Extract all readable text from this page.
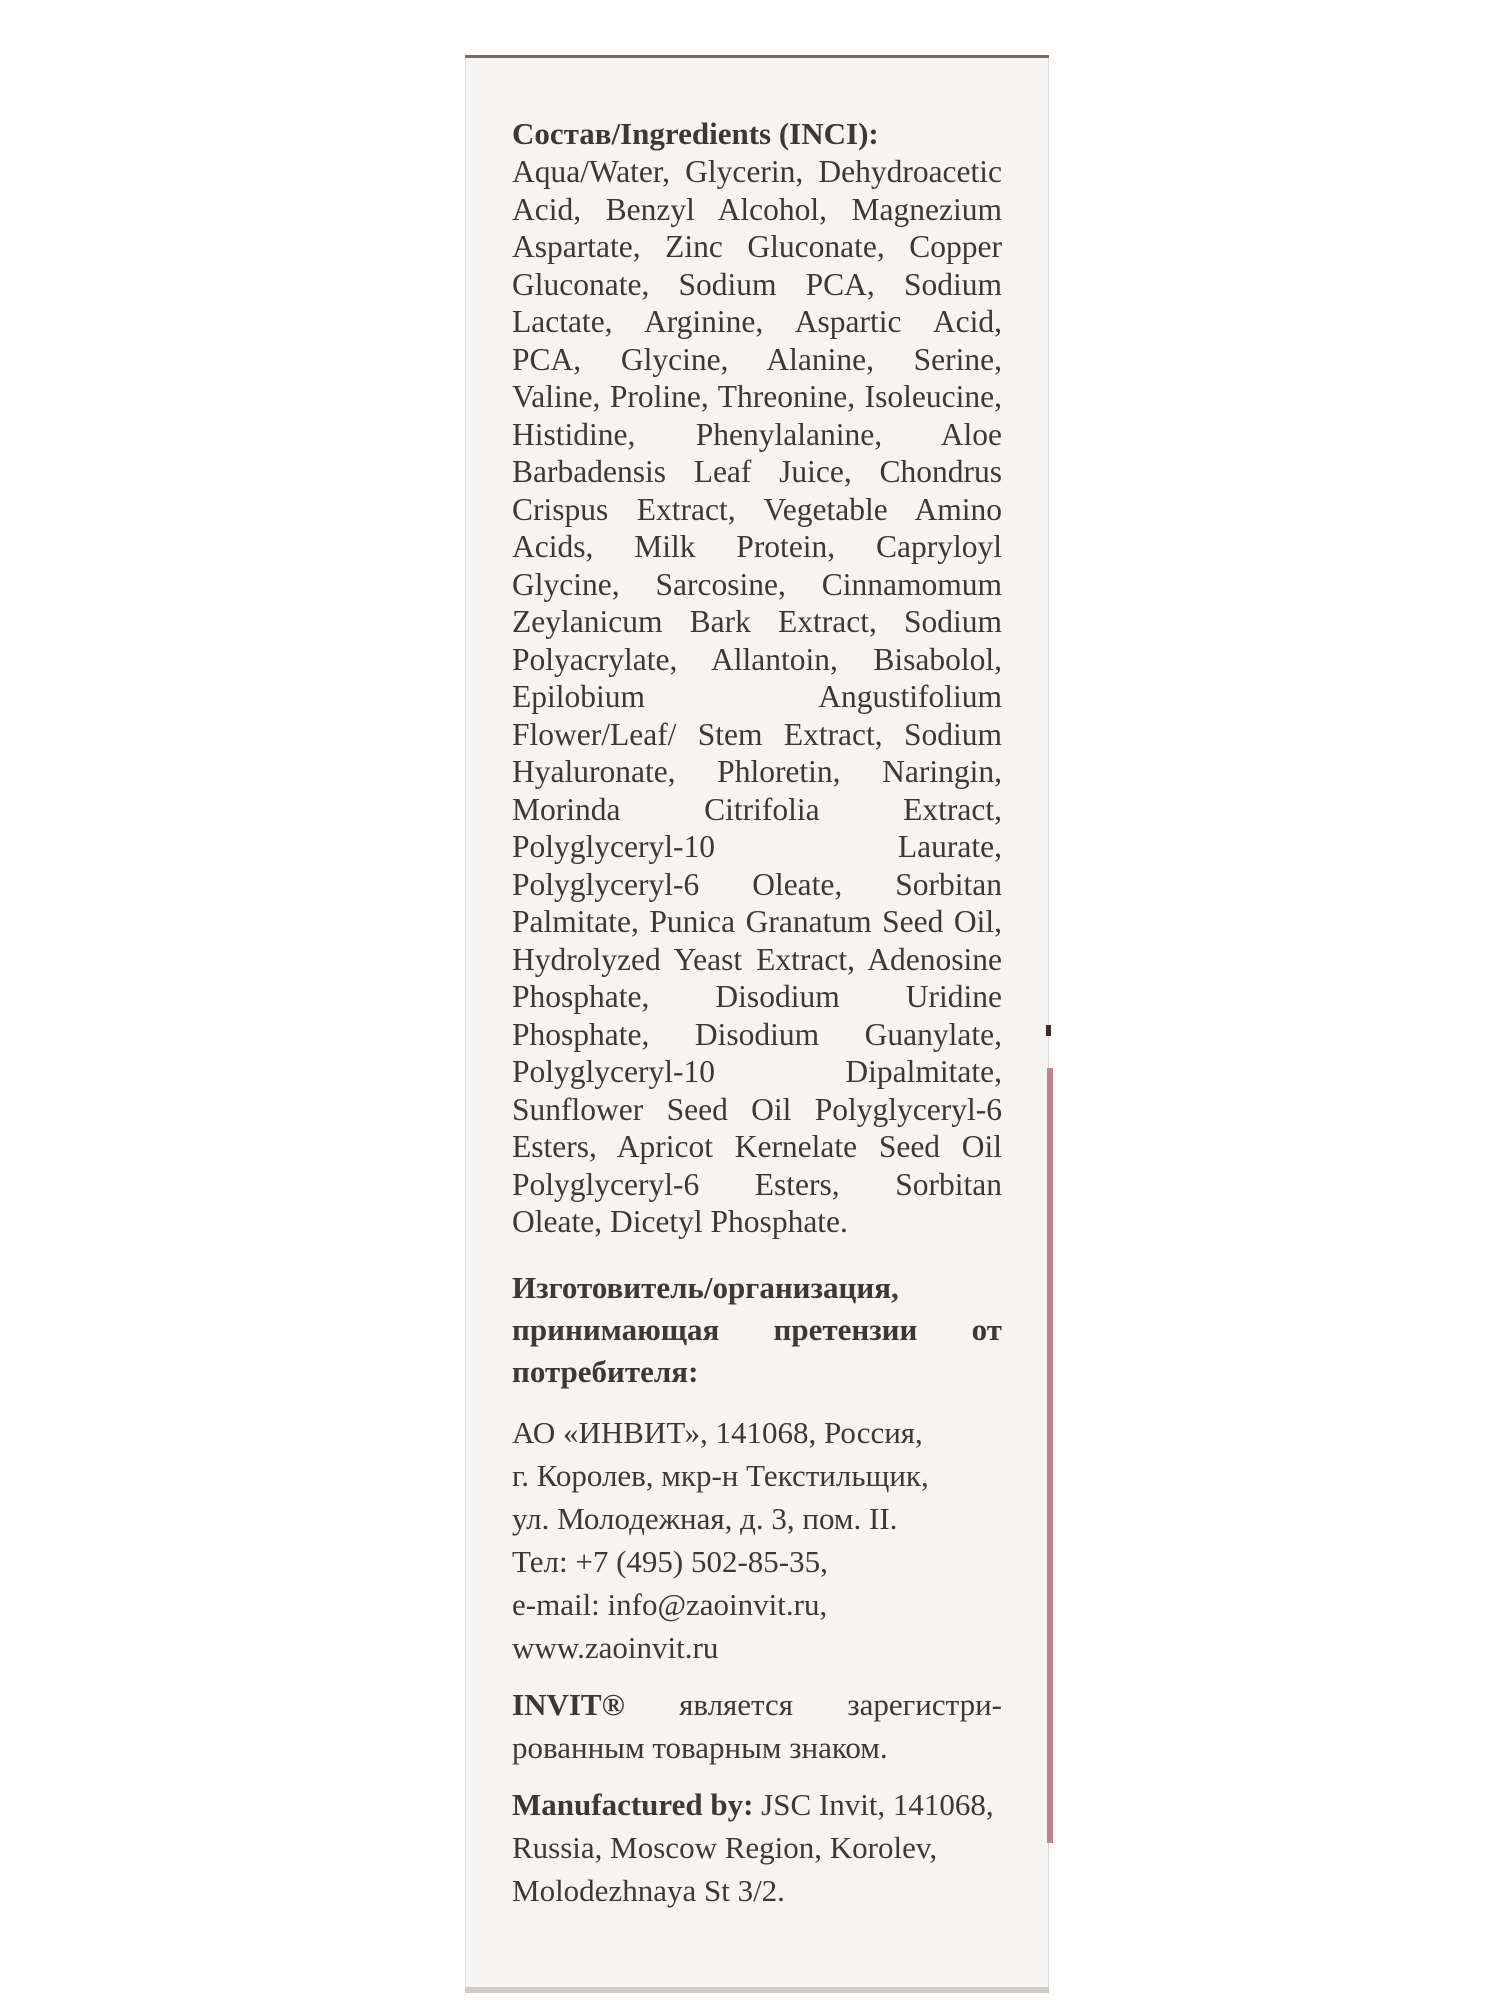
Состав/Ingredients (INCI):

Aqua/Water, Glycerin, Dehydroacetic Acid, Benzyl Alcohol, Magnezium Aspartate, Zinc Gluconate, Copper Gluconate, Sodium PCA, Sodium Lactate, Arginine, Aspartic Acid, PCA, Glycine, Alanine, Serine, Valine, Proline, Threonine, Isoleucine, Histidine, Phenylalanine, Aloe Barbadensis Leaf Juice, Chondrus Crispus Extract, Vegetable Amino Acids, Milk Protein, Capryloyl Glycine, Sarcosine, Cinnamomum Zeylanicum Bark Extract, Sodium Polyacrylate, Allantoin, Bisabolol, Epilobium Angustifolium Flower/Leaf/ Stem Extract, Sodium Hyaluronate, Phloretin, Naringin, Morinda Citrifolia Extract, Polyglyceryl-10 Laurate, Polyglyceryl-6 Oleate, Sorbitan Palmitate, Punica Granatum Seed Oil, Hydrolyzed Yeast Extract, Adenosine Phosphate, Disodium Uridine Phosphate, Disodium Guanylate, Polyglyceryl-10 Dipalmitate, Sunflower Seed Oil Polyglyceryl-6 Esters, Apricot Kernelate Seed Oil Polyglyceryl-6 Esters, Sorbitan Oleate, Dicetyl Phosphate.

Изготовитель/организация, принимающая претензии от потребителя:

АО «ИНВИТ», 141068, Россия,

г. Королев, мкр-н Текстильщик,

ул. Молодежная, д. 3, пом. II.

Тел: +7 (495) 502-85-35,

e-mail: info@zaoinvit.ru,

www.zaoinvit.ru

INVIT® является зарегистрированным товарным знаком.

Manufactured by: JSC Invit, 141068, Russia, Moscow Region, Korolev, Molodezhnaya St 3/2.
